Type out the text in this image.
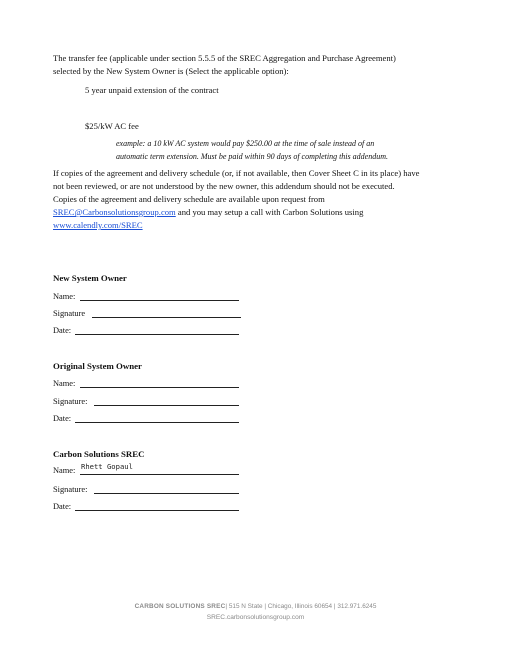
The transfer fee (applicable under section 5.5.5 of the SREC Aggregation and Purchase Agreement)
selected by the New System Owner is (Select the applicable option):
5 year unpaid extension of the contract
$25/kW AC fee
example: a 10 kW AC system would pay $250.00 at the time of sale instead of an
automatic term extension. Must be paid within 90 days of completing this addendum.
If copies of the agreement and delivery schedule (or, if not available, then Cover Sheet C in its place) have
not been reviewed, or are not understood by the new owner, this addendum should not be executed.
Copies of the agreement and delivery schedule are available upon request from
SREC@Carbonsolutionsgroup.com and you may setup a call with Carbon Solutions using
www.calendly.com/SREC
New System Owner
Name:
Signature
Date:
Original System Owner
Name:
Signature:
Date:
Carbon Solutions SREC
Name: Rhett Gopaul
Signature:
Date:
CARBON SOLUTIONS SREC| 515 N State | Chicago, Illinois 60654 | 312.971.6245
SREC.carbonsolutionsgroup.com
